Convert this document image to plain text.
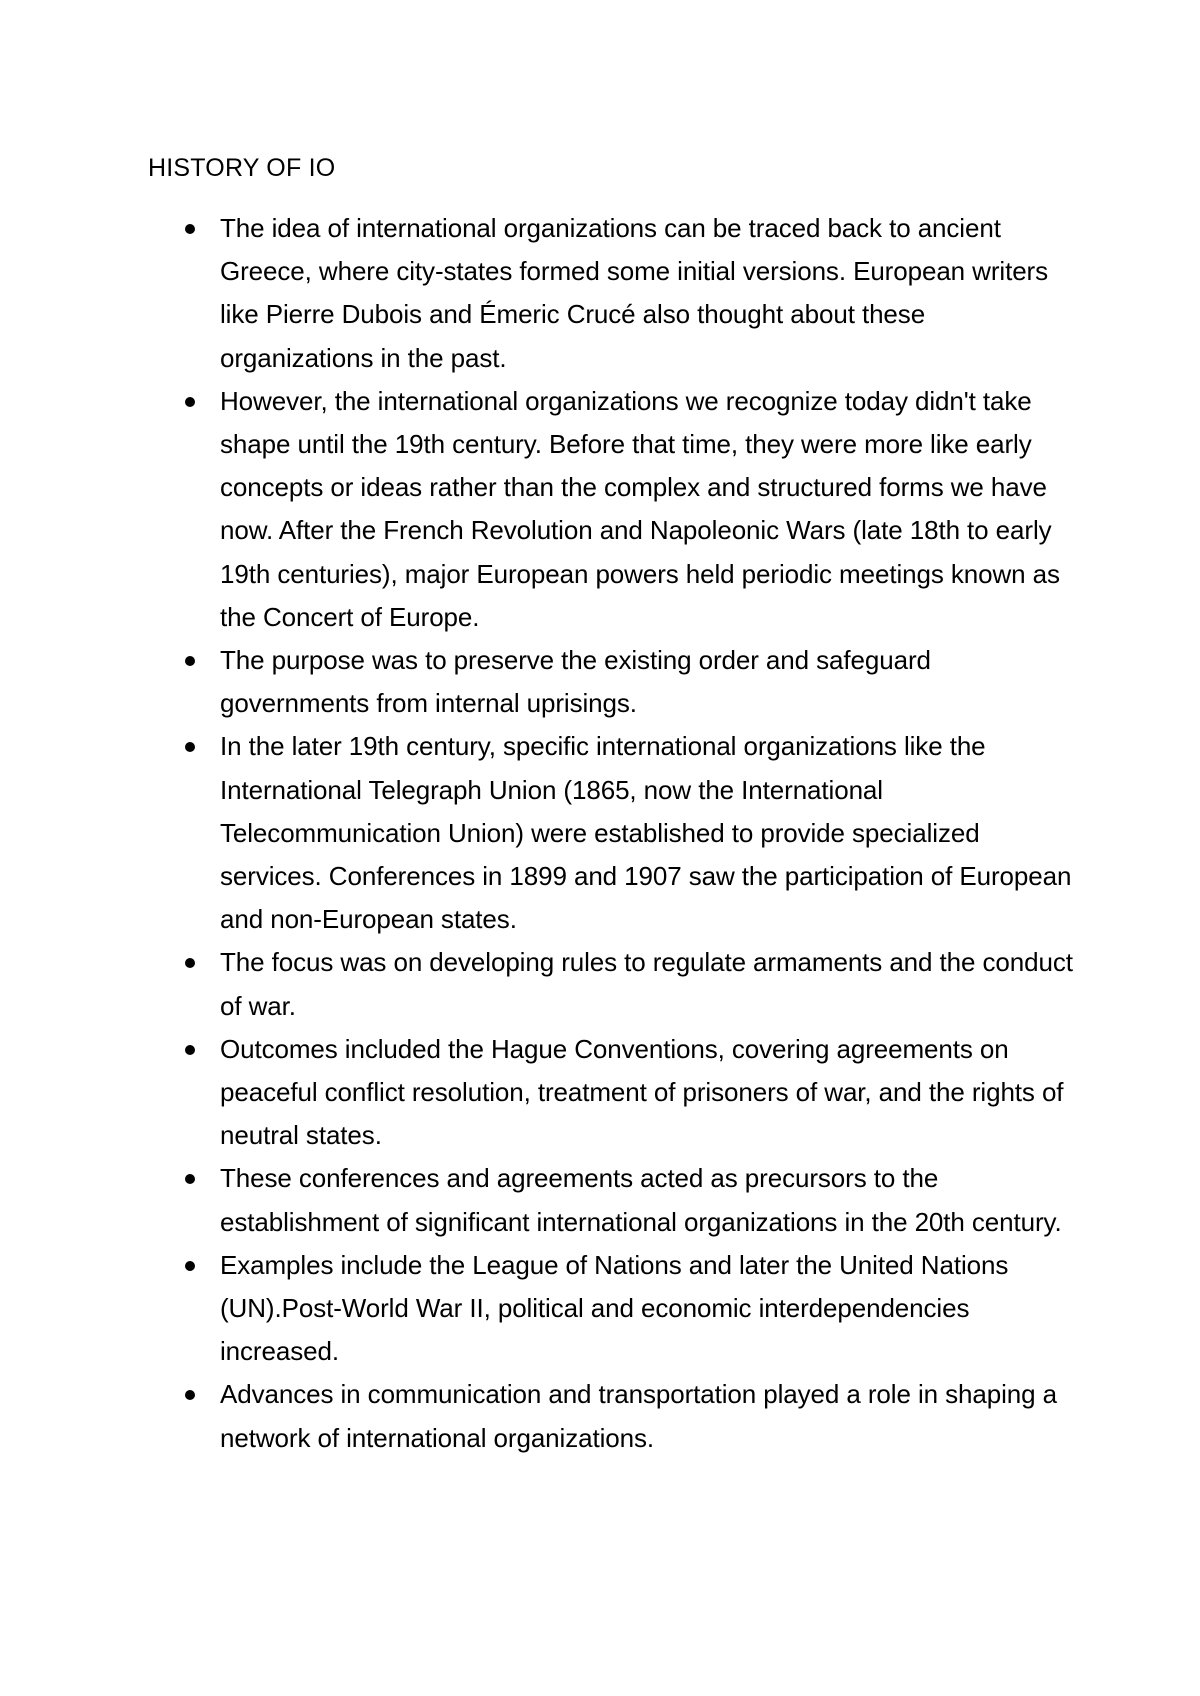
HISTORY OF IO
The idea of international organizations can be traced back to ancient Greece, where city-states formed some initial versions. European writers like Pierre Dubois and Émeric Crucé also thought about these organizations in the past.
However, the international organizations we recognize today didn't take shape until the 19th century. Before that time, they were more like early concepts or ideas rather than the complex and structured forms we have now. After the French Revolution and Napoleonic Wars (late 18th to early 19th centuries), major European powers held periodic meetings known as the Concert of Europe.
The purpose was to preserve the existing order and safeguard governments from internal uprisings.
In the later 19th century, specific international organizations like the International Telegraph Union (1865, now the International Telecommunication Union) were established to provide specialized services. Conferences in 1899 and 1907 saw the participation of European and non-European states.
The focus was on developing rules to regulate armaments and the conduct of war.
Outcomes included the Hague Conventions, covering agreements on peaceful conflict resolution, treatment of prisoners of war, and the rights of neutral states.
These conferences and agreements acted as precursors to the establishment of significant international organizations in the 20th century.
Examples include the League of Nations and later the United Nations (UN).Post-World War II, political and economic interdependencies increased.
Advances in communication and transportation played a role in shaping a network of international organizations.
